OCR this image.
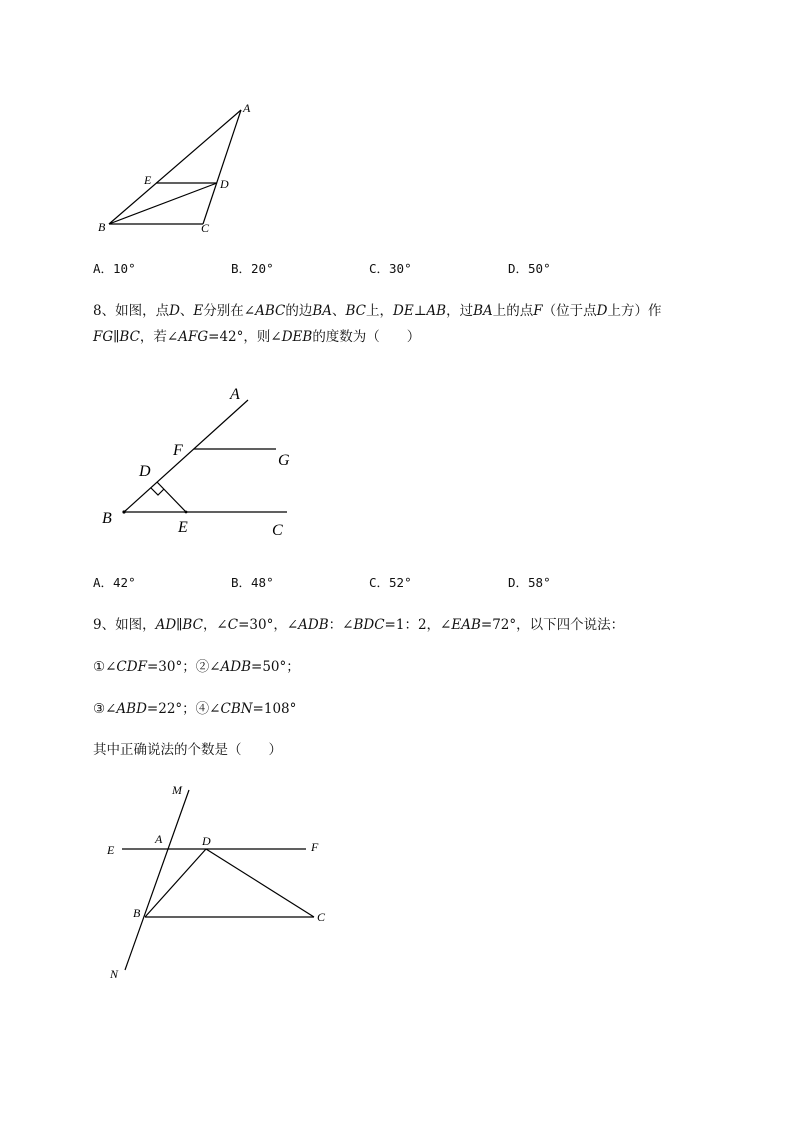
A
E	D
B	C
A．10°	B．20°	C．30°	D．50°
8、如图，点D、E分别在∠ABC的边BA、BC上，DE⊥AB，过BA上的点F（位于点D上方）作
FG∥BC，若∠AFG=42°，则∠DEB的度数为（　　）
A
F
G
D
B
E	C
A．42°	B．48°	C．52°	D．58°
9、如图，AD∥BC，∠C=30°，∠ADB：∠BDC=1：2，∠EAB=72°，以下四个说法：
①∠CDF=30°；②∠ADB=50°；
③∠ABD=22°；④∠CBN=108°
其中正确说法的个数是（　　）
M
A	D
E	F
B	C
N
